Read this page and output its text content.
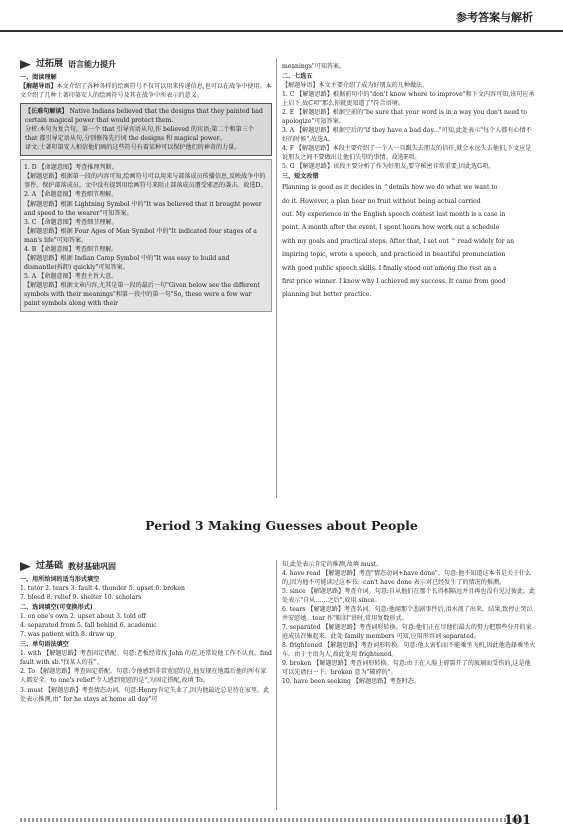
参考答案与解析
过拓展 语言能力提升

一、阅读理解

【解题导语】本文介绍了各种各样的绘画符号不仅可以用来传递信息,也可以在战争中使用。本文介绍了几种土著印第安人的绘画符号及其在战争中所表示的意义。

【长难句解读】 Native Indians believed that the designs that they painted had certain magical power that would protect them.

分析:本句为复合句。第一个 that 引导宾语从句,作 believed 的宾语;第二个和第三个 that 都引导定语从句,分别修饰先行词 the designs 和 magical power。

译文:土著印第安人相信他们画的这些符号有着某种可以保护他们的神奇的力量。

1. D 【命题意图】考查推理判断。

【解题思路】根据第一段的内容可知,绘画符号可以用来与部落成员传播信息,反映战争中的事件、保护部落成员。文中没有提到用绘画符号来阻止部落成员遭受邪恶的袭击。故选D。

2. A 【命题意图】考查细节理解。

【解题思路】根据 Lightning Symbol 中的"It was believed that it brought power and speed to the wearer"可知答案。

3. C 【命题意图】考查细节理解。

【解题思路】根据 Four Ages of Man Symbol 中的"It indicated four stages of a man's life"可知答案。

4. B 【命题意图】考查细节理解。

【解题思路】根据 Indian Camp Symbol 中的"It was easy to build and dismantle(拆卸) quickly"可知答案。

5. A 【命题意图】考查主旨大意。

【解题思路】根据文章内容,尤其是第一段的最后一句"Given below see the different symbols with their meanings"和第一段中的第一句"So, these were a few war paint symbols along with their

meanings"可知答案。

二、七选五

【解题导语】本文主要介绍了成为好朋友的几种做法。

1. C 【解题思路】根据前句中的"don't know where to improve"和下文内容可知,该句应承上启下,故C项"那么你就更知道了"符合语境。

2. E 【解题思路】根据空前的"be sure that your word is in a way you don't need to apologize"可知答案。

3. A 【解题思路】根据空后的"if they have a bad day..."可知,此处表示"每个人都有心情不好的时候",故选A。

4. F 【解题思路】本段主要介绍了一个人一旦跟失去朋友的信任,就会永远失去他们,下文应是说朋友之间不要做出让他们失望的事情。故选F项。

5. G 【解题思路】该段主要分析了作为好朋友,要守秘密非常重要,因此选G项。

三、短文改错

Planning is good as it decides in ^details how we do what we want to

do it. However, a plan bear no fruit without being actual carried

out. My experience in the English speech contest last month is a case in

point. A month after the event, I spent hours how work out a schedule

with my goals and practical steps. After that, I set out ^ read widely for an

impiring topic, wrote a speech, and practiced in beautiful pronunciation

with good public speech skills. I finally stood out among the rest an a

first price winner. I know why I achieved my success. It came from good

planning but better practice.

Period 3 Making Guesses about People
过基础 教材基础巩固

一、用所给词的适当形式填空

1. tutor 2. tears 3. fault 4. thunder 5. upset 6. broken

7. bleed 8. relief 9. shelter 10. scholars

二、选词填空(可变换形式)

1. on one's own 2. upset about 3. told off

4. separated from 5. fall behind 6. academic

7. was patient with 8. draw up

三、单句语法填空

1. with 【解题思路】考查固定搭配。句意:老板经常找 John 的茬,还常说他工作不认真。find fault with sb."找某人的茬"。

2. To 【解题思路】考查固定搭配。句意:令他感到非常宽慰的是,他发现在地震后他的所有家人都安全。to one's relief"令人感到宽慰的是",为固定搭配,故填 To。

3. must 【解题思路】考查情态动词。句意:Henry肯定失业了,因为他最近总是待在家里。此处表示推测,由" for he stays at home all day"可

知,此处表示肯定的推测,故填 must。

4. have read 【解题思路】考查"情态动词+have done"。句意:他不知道这本书是关于什么的,因为他不可能读过这本书。can't have done 表示对已经发生了的情况的推测。

5. since 【解题思路】考查介词。句意:自从他们在那个长得相隔远并且再也没有见过彼此。此处表示"自从……之后",故用 since。

6. tears 【解题思路】考查名词。句意:他闻那个悲剧事件后,泪水流了出来。结果,致停止哭泣并安慰她。tear 作"眼泪"讲时,常用复数形式。

7. separated 【解题思路】考查词形转换。句意:他们正在尽他们最大的努力把那些分开的家庭成员召集起来。此处 family members 可知,应用形容词 separated。

8. frightened 【解题思路】考查词形转换。句意:他太害怕而不能乘坐飞机,因此他选择乘坐火车。由于主语为人,故此处用 frightened。

9. broken 【解题思路】考查词形转换。句意:由于在人脸上碎裂开了的玻璃而受伤的,这是他可以先请扫一下。broken 意为"破碎的"。

10. have been seeking 【解题思路】考查时态。

101
